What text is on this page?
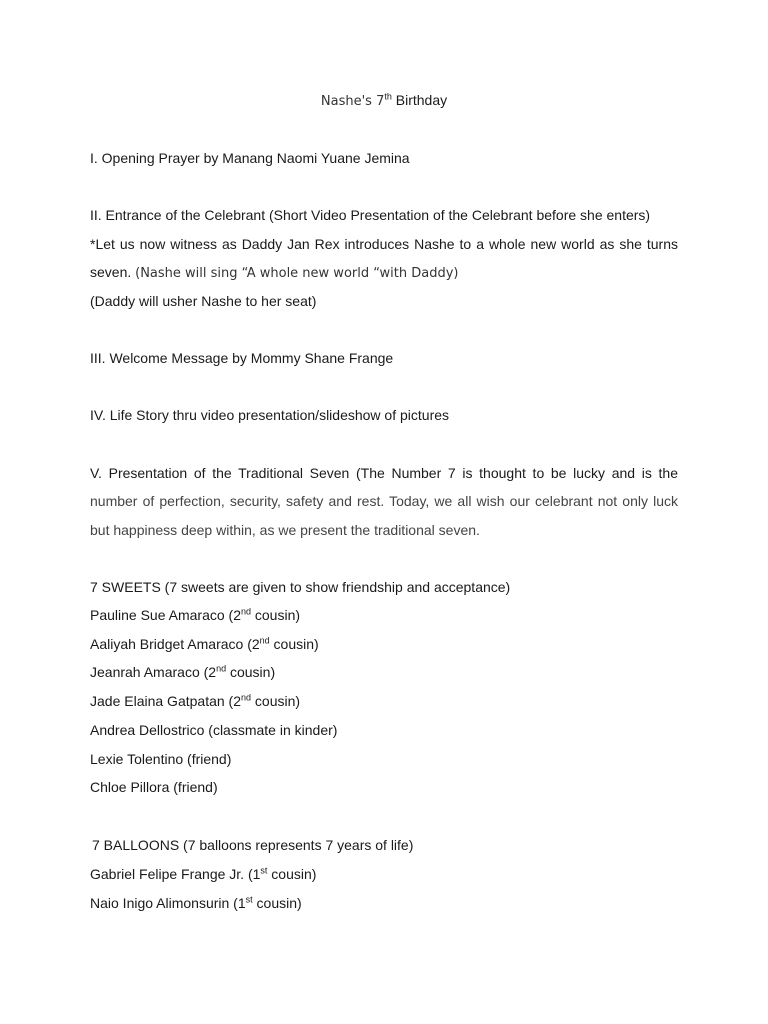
Nashe's 7th Birthday
I. Opening Prayer by Manang Naomi Yuane Jemina
II. Entrance of the Celebrant (Short Video Presentation of the Celebrant before she enters)
*Let us now witness as Daddy Jan Rex introduces Nashe to a whole new world as she turns
seven. (Nashe will sing “A whole new world “with Daddy)
(Daddy will usher Nashe to her seat)
III. Welcome Message by Mommy Shane Frange
IV. Life Story thru video presentation/slideshow of pictures
V. Presentation of the Traditional Seven (The Number 7 is thought to be lucky and is the
number of perfection, security, safety and rest. Today, we all wish our celebrant not only luck
but happiness deep within, as we present the traditional seven.
7 SWEETS (7 sweets are given to show friendship and acceptance)
Pauline Sue Amaraco (2nd cousin)
Aaliyah Bridget Amaraco (2nd cousin)
Jeanrah Amaraco (2nd cousin)
Jade Elaina Gatpatan (2nd cousin)
Andrea Dellostrico (classmate in kinder)
Lexie Tolentino (friend)
Chloe Pillora (friend)
7 BALLOONS (7 balloons represents 7 years of life)
Gabriel Felipe Frange Jr. (1st cousin)
Naio Inigo Alimonsurin (1st cousin)
